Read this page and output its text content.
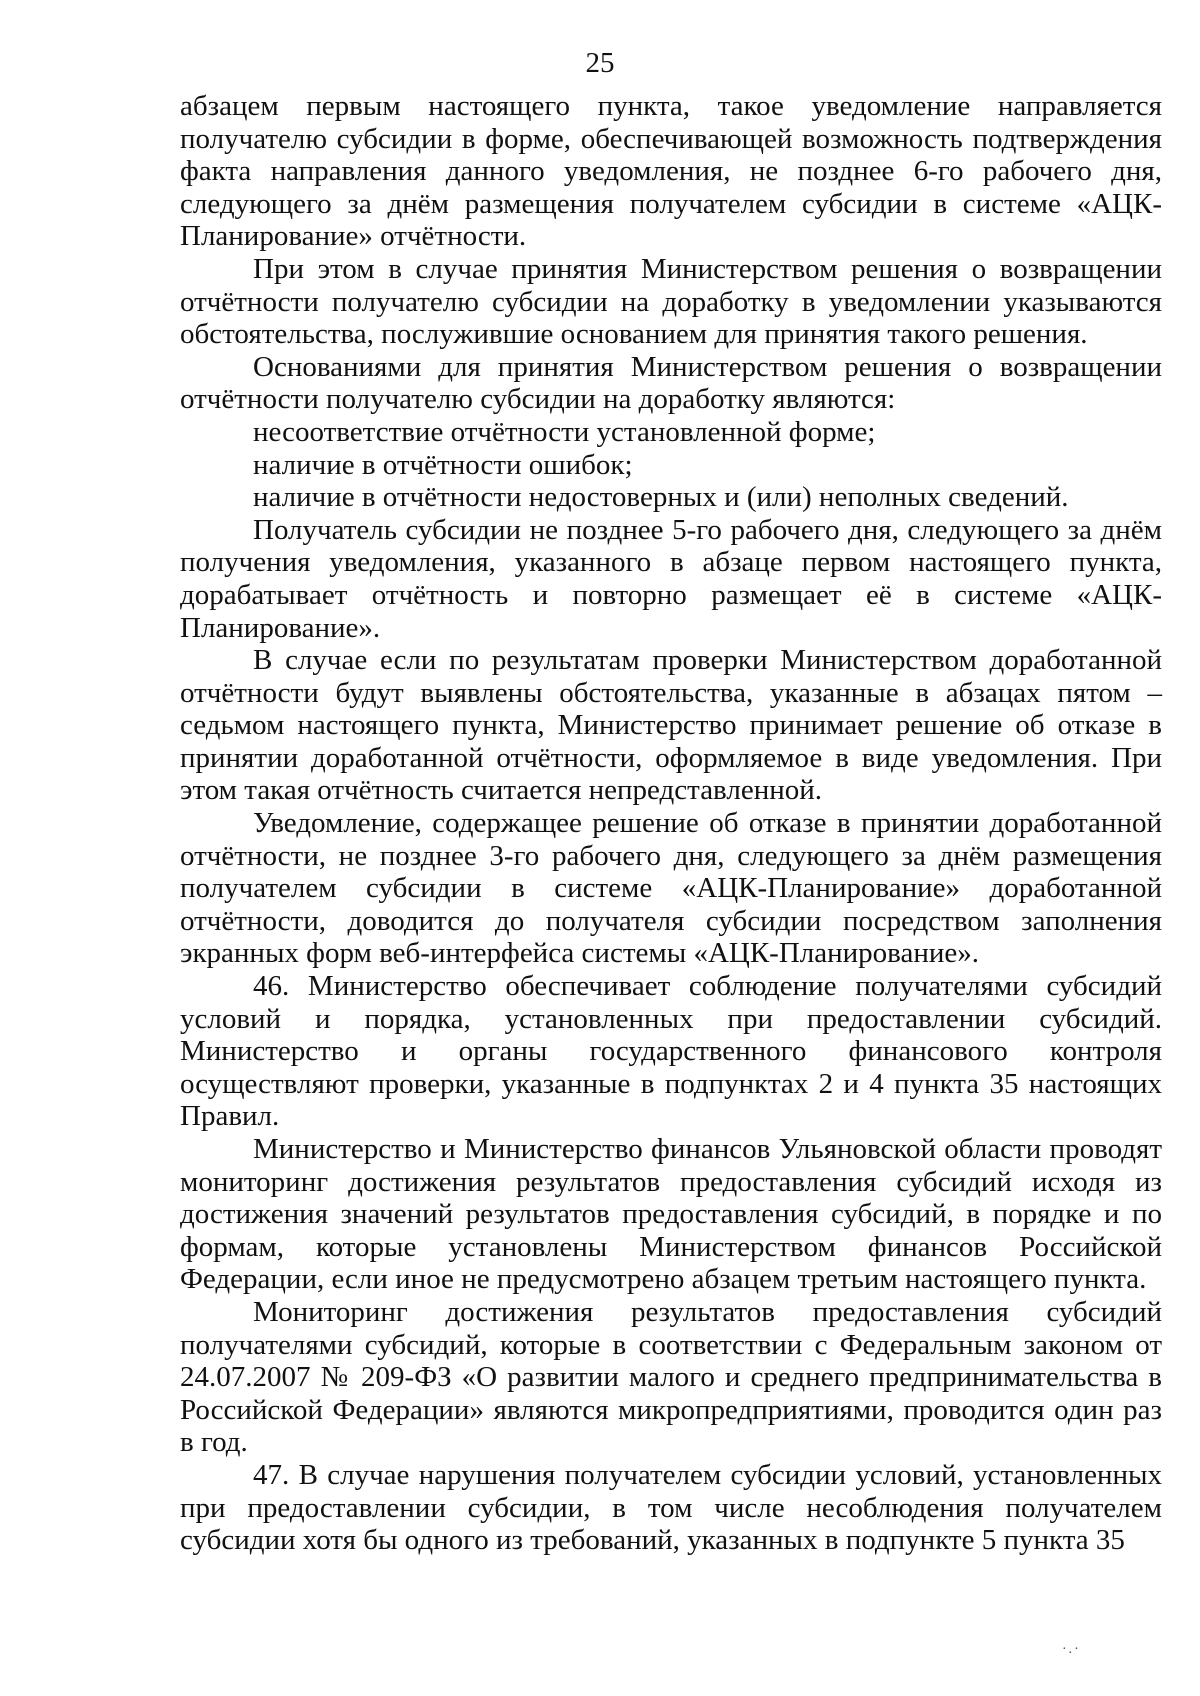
25

абзацем первым настоящего пункта, такое уведомление направляется получателю субсидии в форме, обеспечивающей возможность подтверждения факта направления данного уведомления, не позднее 6-го рабочего дня, следующего за днём размещения получателем субсидии в системе «АЦК-Планирование» отчётности.

При этом в случае принятия Министерством решения о возвращении отчётности получателю субсидии на доработку в уведомлении указываются обстоятельства, послужившие основанием для принятия такого решения.

Основаниями для принятия Министерством решения о возвращении отчётности получателю субсидии на доработку являются:

несоответствие отчётности установленной форме;

наличие в отчётности ошибок;

наличие в отчётности недостоверных и (или) неполных сведений.

Получатель субсидии не позднее 5-го рабочего дня, следующего за днём получения уведомления, указанного в абзаце первом настоящего пункта, дорабатывает отчётность и повторно размещает её в системе «АЦК-Планирование».

В случае если по результатам проверки Министерством доработанной отчётности будут выявлены обстоятельства, указанные в абзацах пятом – седьмом настоящего пункта, Министерство принимает решение об отказе в принятии доработанной отчётности, оформляемое в виде уведомления. При этом такая отчётность считается непредставленной.

Уведомление, содержащее решение об отказе в принятии доработанной отчётности, не позднее 3-го рабочего дня, следующего за днём размещения получателем субсидии в системе «АЦК-Планирование» доработанной отчётности, доводится до получателя субсидии посредством заполнения экранных форм веб-интерфейса системы «АЦК-Планирование».

46. Министерство обеспечивает соблюдение получателями субсидий условий и порядка, установленных при предоставлении субсидий. Министерство и органы государственного финансового контроля осуществляют проверки, указанные в подпунктах 2 и 4 пункта 35 настоящих Правил.

Министерство и Министерство финансов Ульяновской области проводят мониторинг достижения результатов предоставления субсидий исходя из достижения значений результатов предоставления субсидий, в порядке и по формам, которые установлены Министерством финансов Российской Федерации, если иное не предусмотрено абзацем третьим настоящего пункта.

Мониторинг достижения результатов предоставления субсидий получателями субсидий, которые в соответствии с Федеральным законом от 24.07.2007 № 209-ФЗ «О развитии малого и среднего предпринимательства в Российской Федерации» являются микропредприятиями, проводится один раз в год.

47. В случае нарушения получателем субсидии условий, установленных при предоставлении субсидии, в том числе несоблюдения получателем субсидии хотя бы одного из требований, указанных в подпункте 5 пункта 35

·.·
